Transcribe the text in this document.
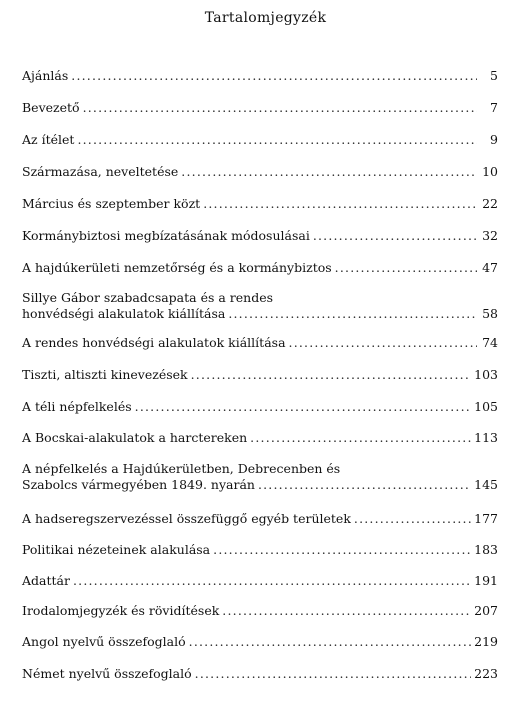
Tartalomjegyzék
Ajánlás .....	5
Bevezető .....	7
Az ítélet .....	9
Származása, neveltetése .....	10
Március és szeptember közt .....	22
Kormánybiztosi megbízatásának módosulásai .....	32
A hajdúkerületi nemzetőrség és a kormánybiztos .....	47
Sillye Gábor szabadcsapata és a rendes
honvédségi alakulatok kiállítása .....	58
A rendes honvédségi alakulatok kiállítása .....	74
Tiszti, altiszti kinevezések .....	103
A téli népfelkelés .....	105
A Bocskai-alakulatok a harctereken .....	113
A népfelkelés a Hajdúkerületben, Debrecenben és
Szabolcs vármegyében 1849. nyarán .....	145
A hadseregszervezéssel összefüggő egyéb területek .....	177
Politikai nézeteinek alakulása .....	183
Adattár .....	191
Irodalomjegyzék és rövidítések .....	207
Angol nyelvű összefoglaló .....	219
Német nyelvű összefoglaló .....	223
